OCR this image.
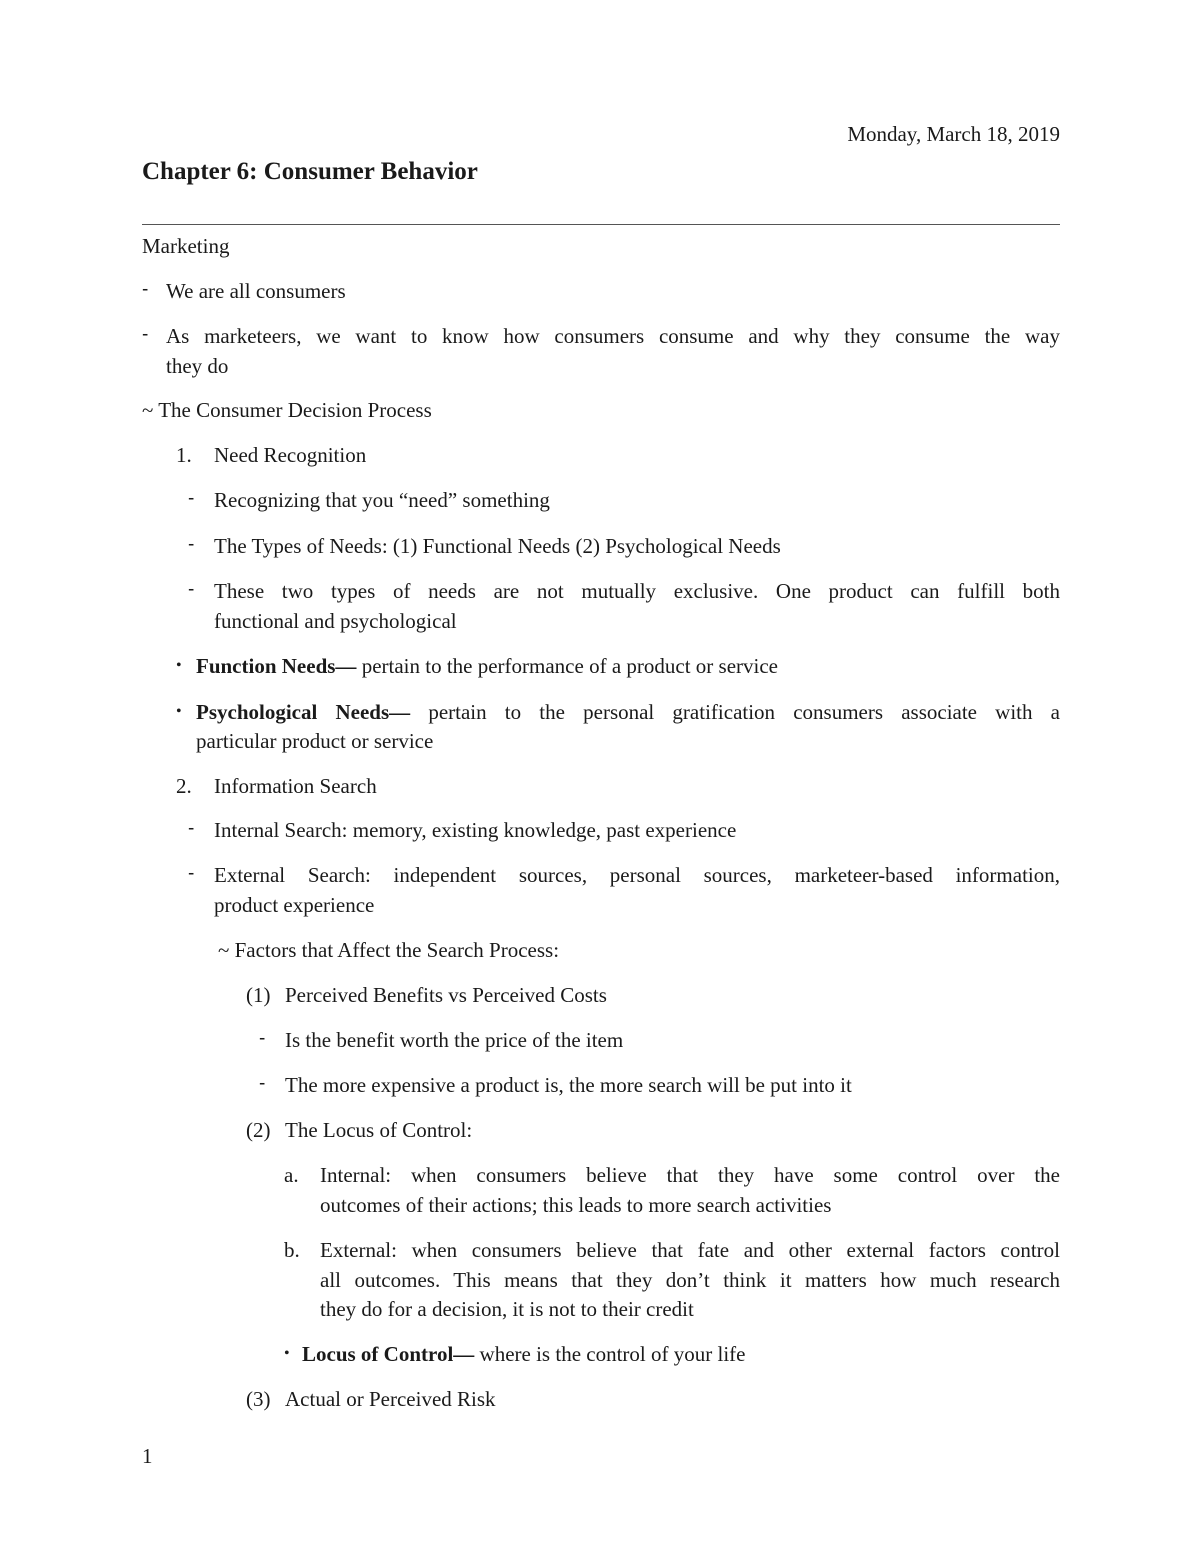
Monday, March 18, 2019
Chapter 6: Consumer Behavior
Marketing
- We are all consumers
- As marketeers, we want to know how consumers consume and why they consume the way
they do
~ The Consumer Decision Process
1. Need Recognition
- Recognizing that you “need” something
- The Types of Needs: (1) Functional Needs (2) Psychological Needs
- These two types of needs are not mutually exclusive. One product can fulfill both
functional and psychological
• Function Needs— pertain to the performance of a product or service
• Psychological Needs— pertain to the personal gratification consumers associate with a
particular product or service
2. Information Search
- Internal Search: memory, existing knowledge, past experience
- External Search: independent sources, personal sources, marketeer-based information,
product experience
~ Factors that Affect the Search Process:
(1) Perceived Benefits vs Perceived Costs
- Is the benefit worth the price of the item
- The more expensive a product is, the more search will be put into it
(2) The Locus of Control:
a. Internal: when consumers believe that they have some control over the
outcomes of their actions; this leads to more search activities
b. External: when consumers believe that fate and other external factors control
all outcomes. This means that they don’t think it matters how much research
they do for a decision, it is not to their credit
• Locus of Control— where is the control of your life
(3) Actual or Perceived Risk
1
